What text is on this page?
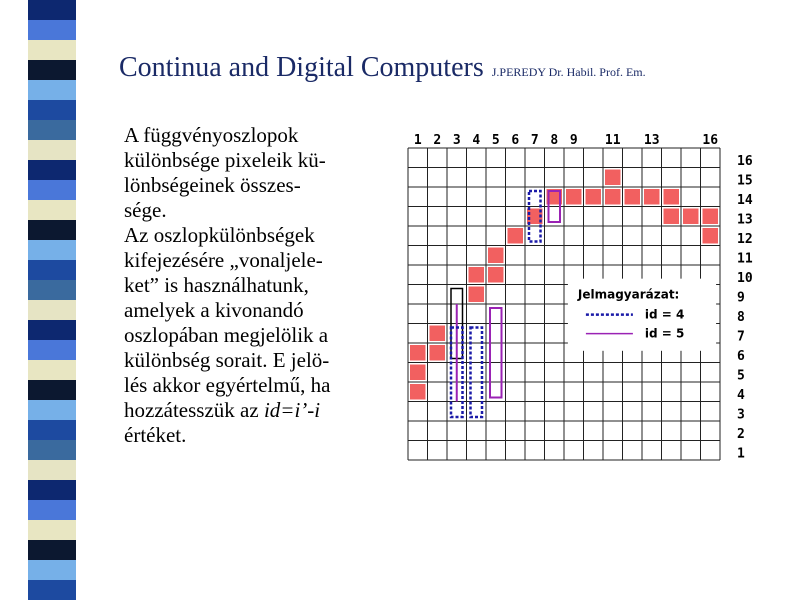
Continua and Digital Computers J.PEREDY Dr. Habil. Prof. Em.
A függvényoszlopok
különbsége pixeleik kü-
lönbségeinek összes-
sége.
Az oszlopkülönbségek
kifejezésére „vonaljele-
ket” is használhatunk,
amelyek a kivonandó
oszlopában megjelölik a
különbség sorait. E jelö-
lés akkor egyértelmű, ha
hozzátesszük az id=i’-i
értéket.
Jelmagyarázat:
id = 4
id = 5
1 2 3 4 5 6 7 8 9 11 13	16
16
15
14
13
12
11
10
9
8
7
6
5
4
3
2
1
